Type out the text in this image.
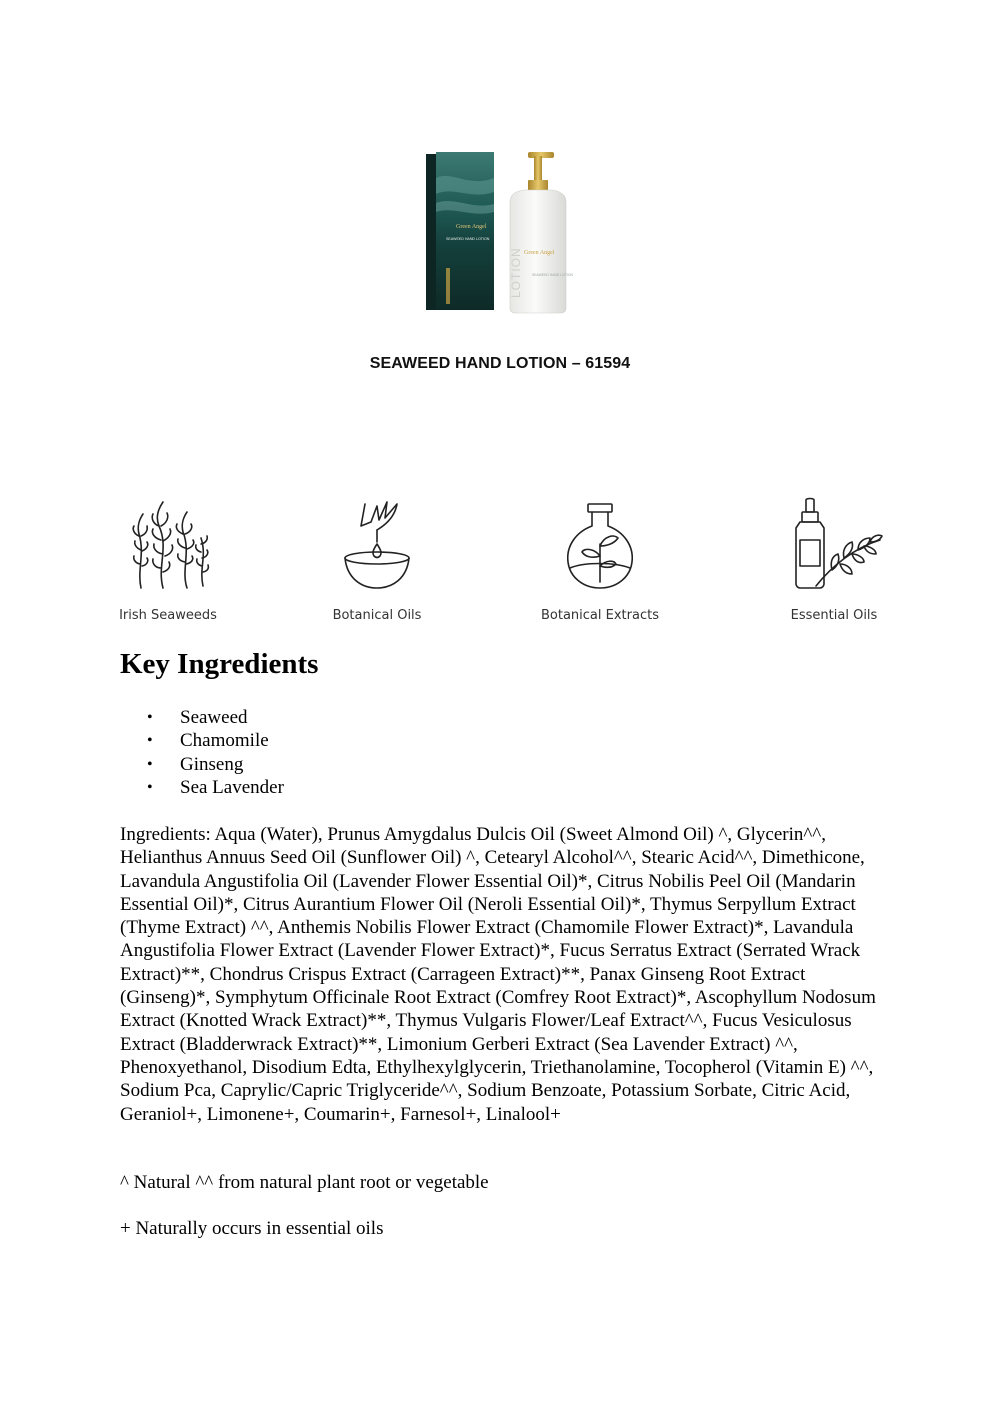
Green Angel
SEAWEED HAND LOTION
Green Angel
SEAWEED HAND LOTION
LOTION
SEAWEED HAND LOTION – 61594
Irish Seaweeds	Botanical Oils	Botanical Extracts	Essential Oils
Key Ingredients
• Seaweed
• Chamomile
• Ginseng
• Sea Lavender

Ingredients: Aqua (Water), Prunus Amygdalus Dulcis Oil (Sweet Almond Oil) ^, Glycerin^^, Helianthus Annuus Seed Oil (Sunflower Oil) ^, Cetearyl Alcohol^^, Stearic Acid^^, Dimethicone, Lavandula Angustifolia Oil (Lavender Flower Essential Oil)*, Citrus Nobilis Peel Oil (Mandarin Essential Oil)*, Citrus Aurantium Flower Oil (Neroli Essential Oil)*, Thymus Serpyllum Extract (Thyme Extract) ^^, Anthemis Nobilis Flower Extract (Chamomile Flower Extract)*, Lavandula Angustifolia Flower Extract (Lavender Flower Extract)*, Fucus Serratus Extract (Serrated Wrack Extract)**, Chondrus Crispus Extract (Carrageen Extract)**, Panax Ginseng Root Extract (Ginseng)*, Symphytum Officinale Root Extract (Comfrey Root Extract)*, Ascophyllum Nodosum Extract (Knotted Wrack Extract)**, Thymus Vulgaris Flower/Leaf Extract^^, Fucus Vesiculosus Extract (Bladderwrack Extract)**, Limonium Gerberi Extract (Sea Lavender Extract) ^^, Phenoxyethanol, Disodium Edta, Ethylhexylglycerin, Triethanolamine, Tocopherol (Vitamin E) ^^, Sodium Pca, Caprylic/Capric Triglyceride^^, Sodium Benzoate, Potassium Sorbate, Citric Acid, Geraniol+, Limonene+, Coumarin+, Farnesol+, Linalool+

^ Natural ^^ from natural plant root or vegetable

+ Naturally occurs in essential oils
